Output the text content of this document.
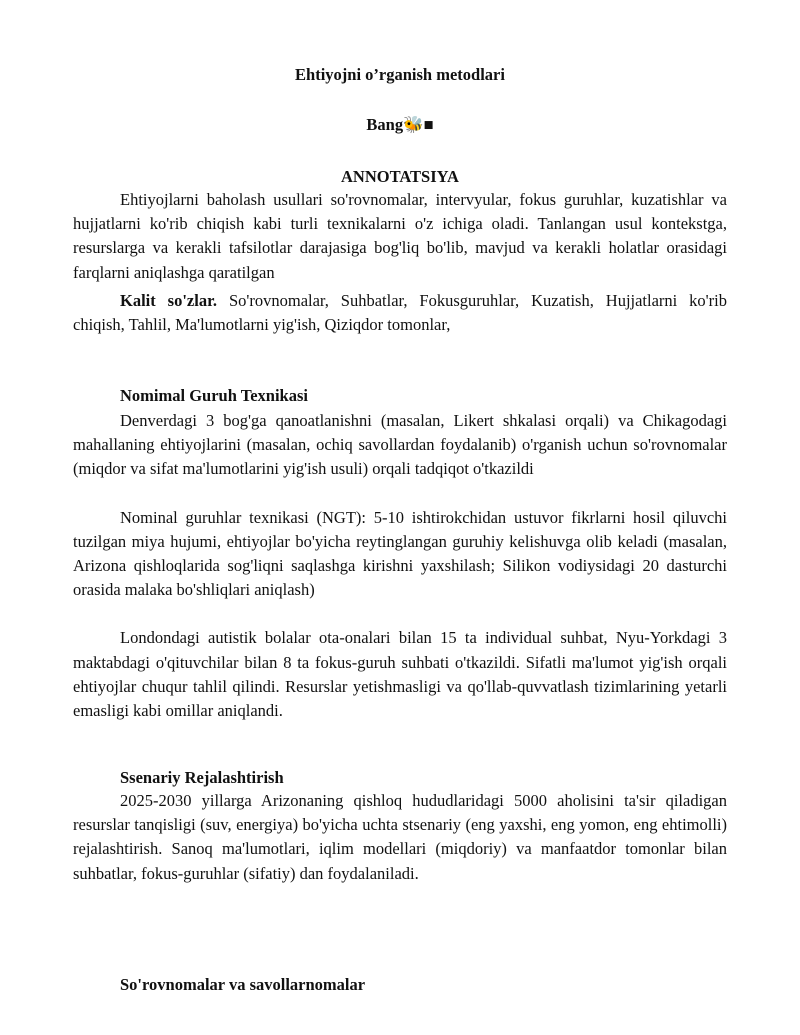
Ehtiyojni o’rganish metodlari
Bang🐝■
ANNOTATSIYA

Ehtiyojlarni baholash usullari so'rovnomalar, intervyular, fokus guruhlar, kuzatishlar va hujjatlarni ko'rib chiqish kabi turli texnikalarni o'z ichiga oladi. Tanlangan usul kontekstga, resurslarga va kerakli tafsilotlar darajasiga bog'liq bo'lib, mavjud va kerakli holatlar orasidagi farqlarni aniqlashga qaratilgan

Kalit so'zlar. So'rovnomalar, Suhbatlar, Fokusguruhlar, Kuzatish, Hujjatlarni ko'rib chiqish, Tahlil, Ma'lumotlarni yig'ish, Qiziqdor tomonlar,

Nomimal Guruh Texnikasi

Denverdagi 3 bog'ga qanoatlanishni (masalan, Likert shkalasi orqali) va Chikagodagi mahallaning ehtiyojlarini (masalan, ochiq savollardan foydalanib) o'rganish uchun so'rovnomalar (miqdor va sifat ma'lumotlarini yig'ish usuli) orqali tadqiqot o'tkazildi

Nominal guruhlar texnikasi (NGT): 5-10 ishtirokchidan ustuvor fikrlarni hosil qiluvchi tuzilgan miya hujumi, ehtiyojlar bo'yicha reytinglangan guruhiy kelishuvga olib keladi (masalan, Arizona qishloqlarida sog'liqni saqlashga kirishni yaxshilash; Silikon vodiysidagi 20 dasturchi orasida malaka bo'shliqlari aniqlash)

Londondagi autistik bolalar ota-onalari bilan 15 ta individual suhbat, Nyu-Yorkdagi 3 maktabdagi o'qituvchilar bilan 8 ta fokus-guruh suhbati o'tkazildi. Sifatli ma'lumot yig'ish orqali ehtiyojlar chuqur tahlil qilindi. Resurslar yetishmasligi va qo'llab-quvvatlash tizimlarining yetarli emasligi kabi omillar aniqlandi.

Ssenariy Rejalashtirish

2025-2030 yillarga Arizonaning qishloq hududlaridagi 5000 aholisini ta'sir qiladigan resurslar tanqisligi (suv, energiya) bo'yicha uchta stsenariy (eng yaxshi, eng yomon, eng ehtimolli) rejalashtirish. Sanoq ma'lumotlari, iqlim modellari (miqdoriy) va manfaatdor tomonlar bilan suhbatlar, fokus-guruhlar (sifatiy) dan foydalaniladi.

So'rovnomalar va savollarnomalar
